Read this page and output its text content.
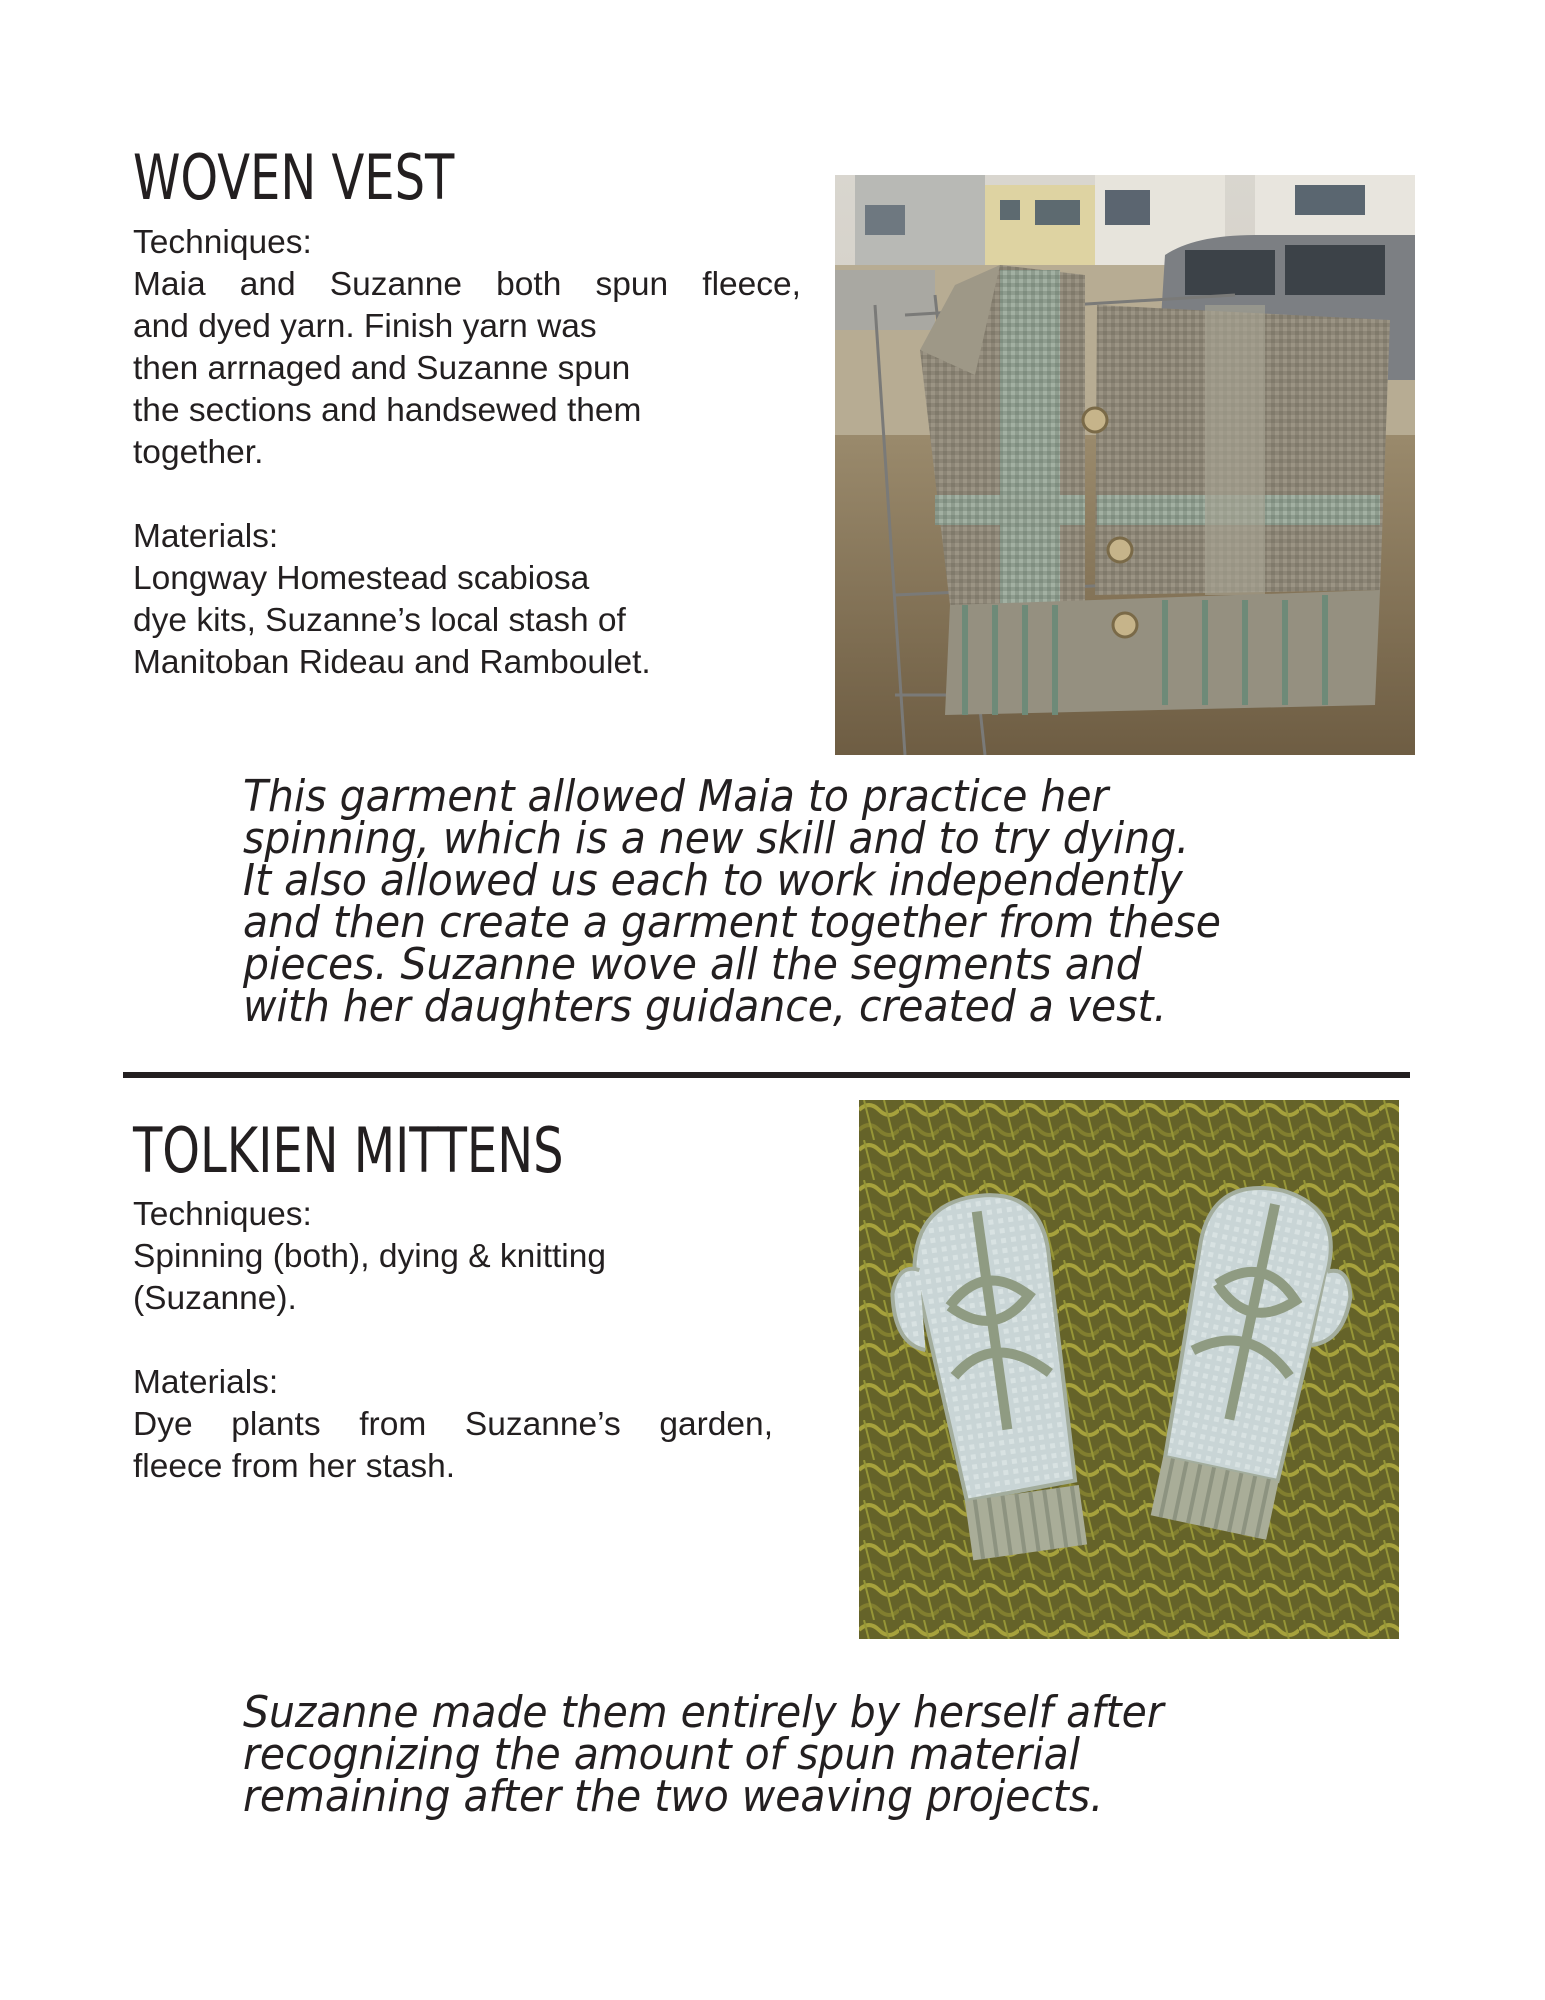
WOVEN VEST

Techniques:

Maia and Suzanne both spun fleece,

and dyed yarn. Finish yarn was

then arrnaged and Suzanne spun

the sections and handsewed them

together.

Materials:

Longway Homestead scabiosa

dye kits, Suzanne’s local stash of

Manitoban Rideau and Ramboulet.

This garment allowed Maia to practice her
spinning, which is a new skill and to try dying.
It also allowed us each to work independently
and then create a garment together from these
pieces. Suzanne wove all the segments and
with her daughters guidance, created a vest.
TOLKIEN MITTENS

Techniques:

Spinning (both), dying & knitting

(Suzanne).

Materials:

Dye plants from Suzanne’s garden,

fleece from her stash.

Suzanne made them entirely by herself after
recognizing the amount of spun material
remaining after the two weaving projects.
